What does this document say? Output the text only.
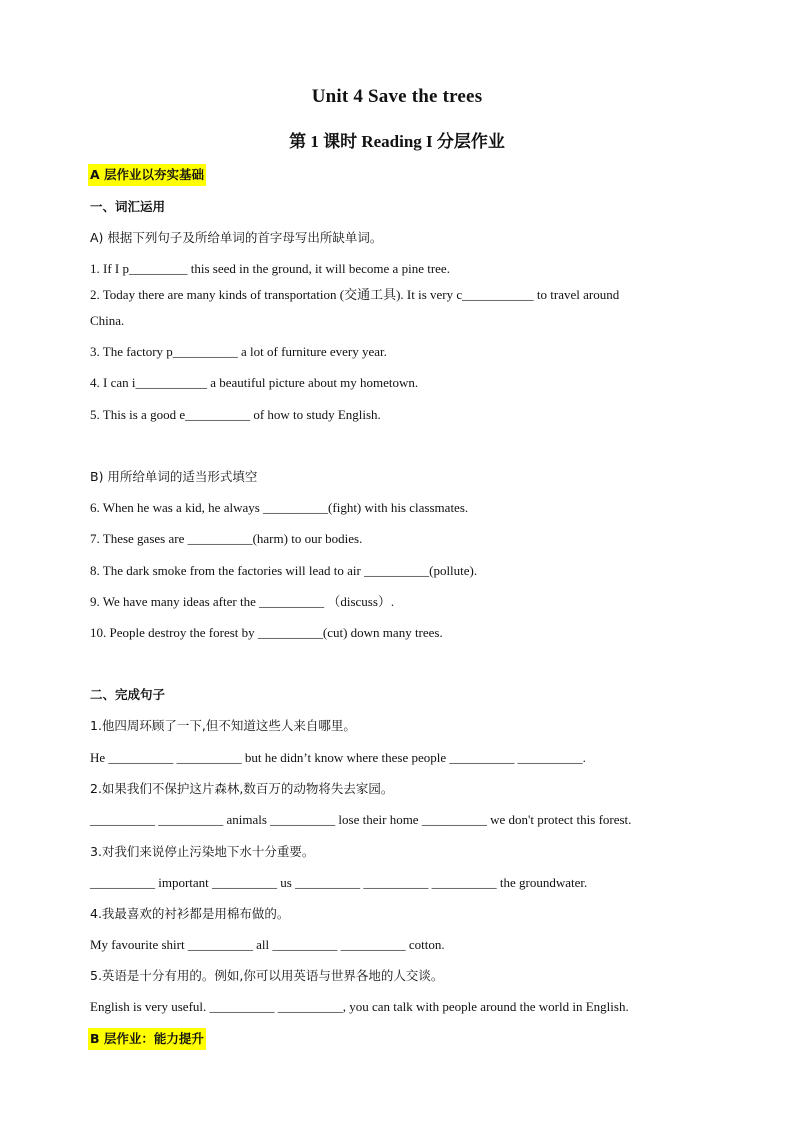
Unit 4 Save the trees
第 1 课时 Reading I 分层作业
A 层作业以夯实基础
一、词汇运用
A) 根据下列句子及所给单词的首字母写出所缺单词。
1. If I p_________ this seed in the ground, it will become a pine tree.
2. Today there are many kinds of transportation (交通工具). It is very c___________ to travel around
China.
3. The factory p__________ a lot of furniture every year.
4. I can i___________ a beautiful picture about my hometown.
5. This is a good e__________ of how to study English.
B) 用所给单词的适当形式填空
6. When he was a kid, he always __________(fight) with his classmates.
7. These gases are __________(harm) to our bodies.
8. The dark smoke from the factories will lead to air __________(pollute).
9. We have many ideas after the __________ （discuss）.
10. People destroy the forest by __________(cut) down many trees.
二、完成句子
1.他四周环顾了一下,但不知道这些人来自哪里。
He __________ __________ but he didn’t know where these people __________ __________.
2.如果我们不保护这片森林,数百万的动物将失去家园。
__________ __________ animals __________ lose their home __________ we don't protect this forest.
3.对我们来说停止污染地下水十分重要。
__________ important __________ us __________ __________ __________ the groundwater.
4.我最喜欢的衬衫都是用棉布做的。
My favourite shirt __________ all __________ __________ cotton.
5.英语是十分有用的。例如,你可以用英语与世界各地的人交谈。
English is very useful. __________ __________, you can talk with people around the world in English.
B 层作业：能力提升
